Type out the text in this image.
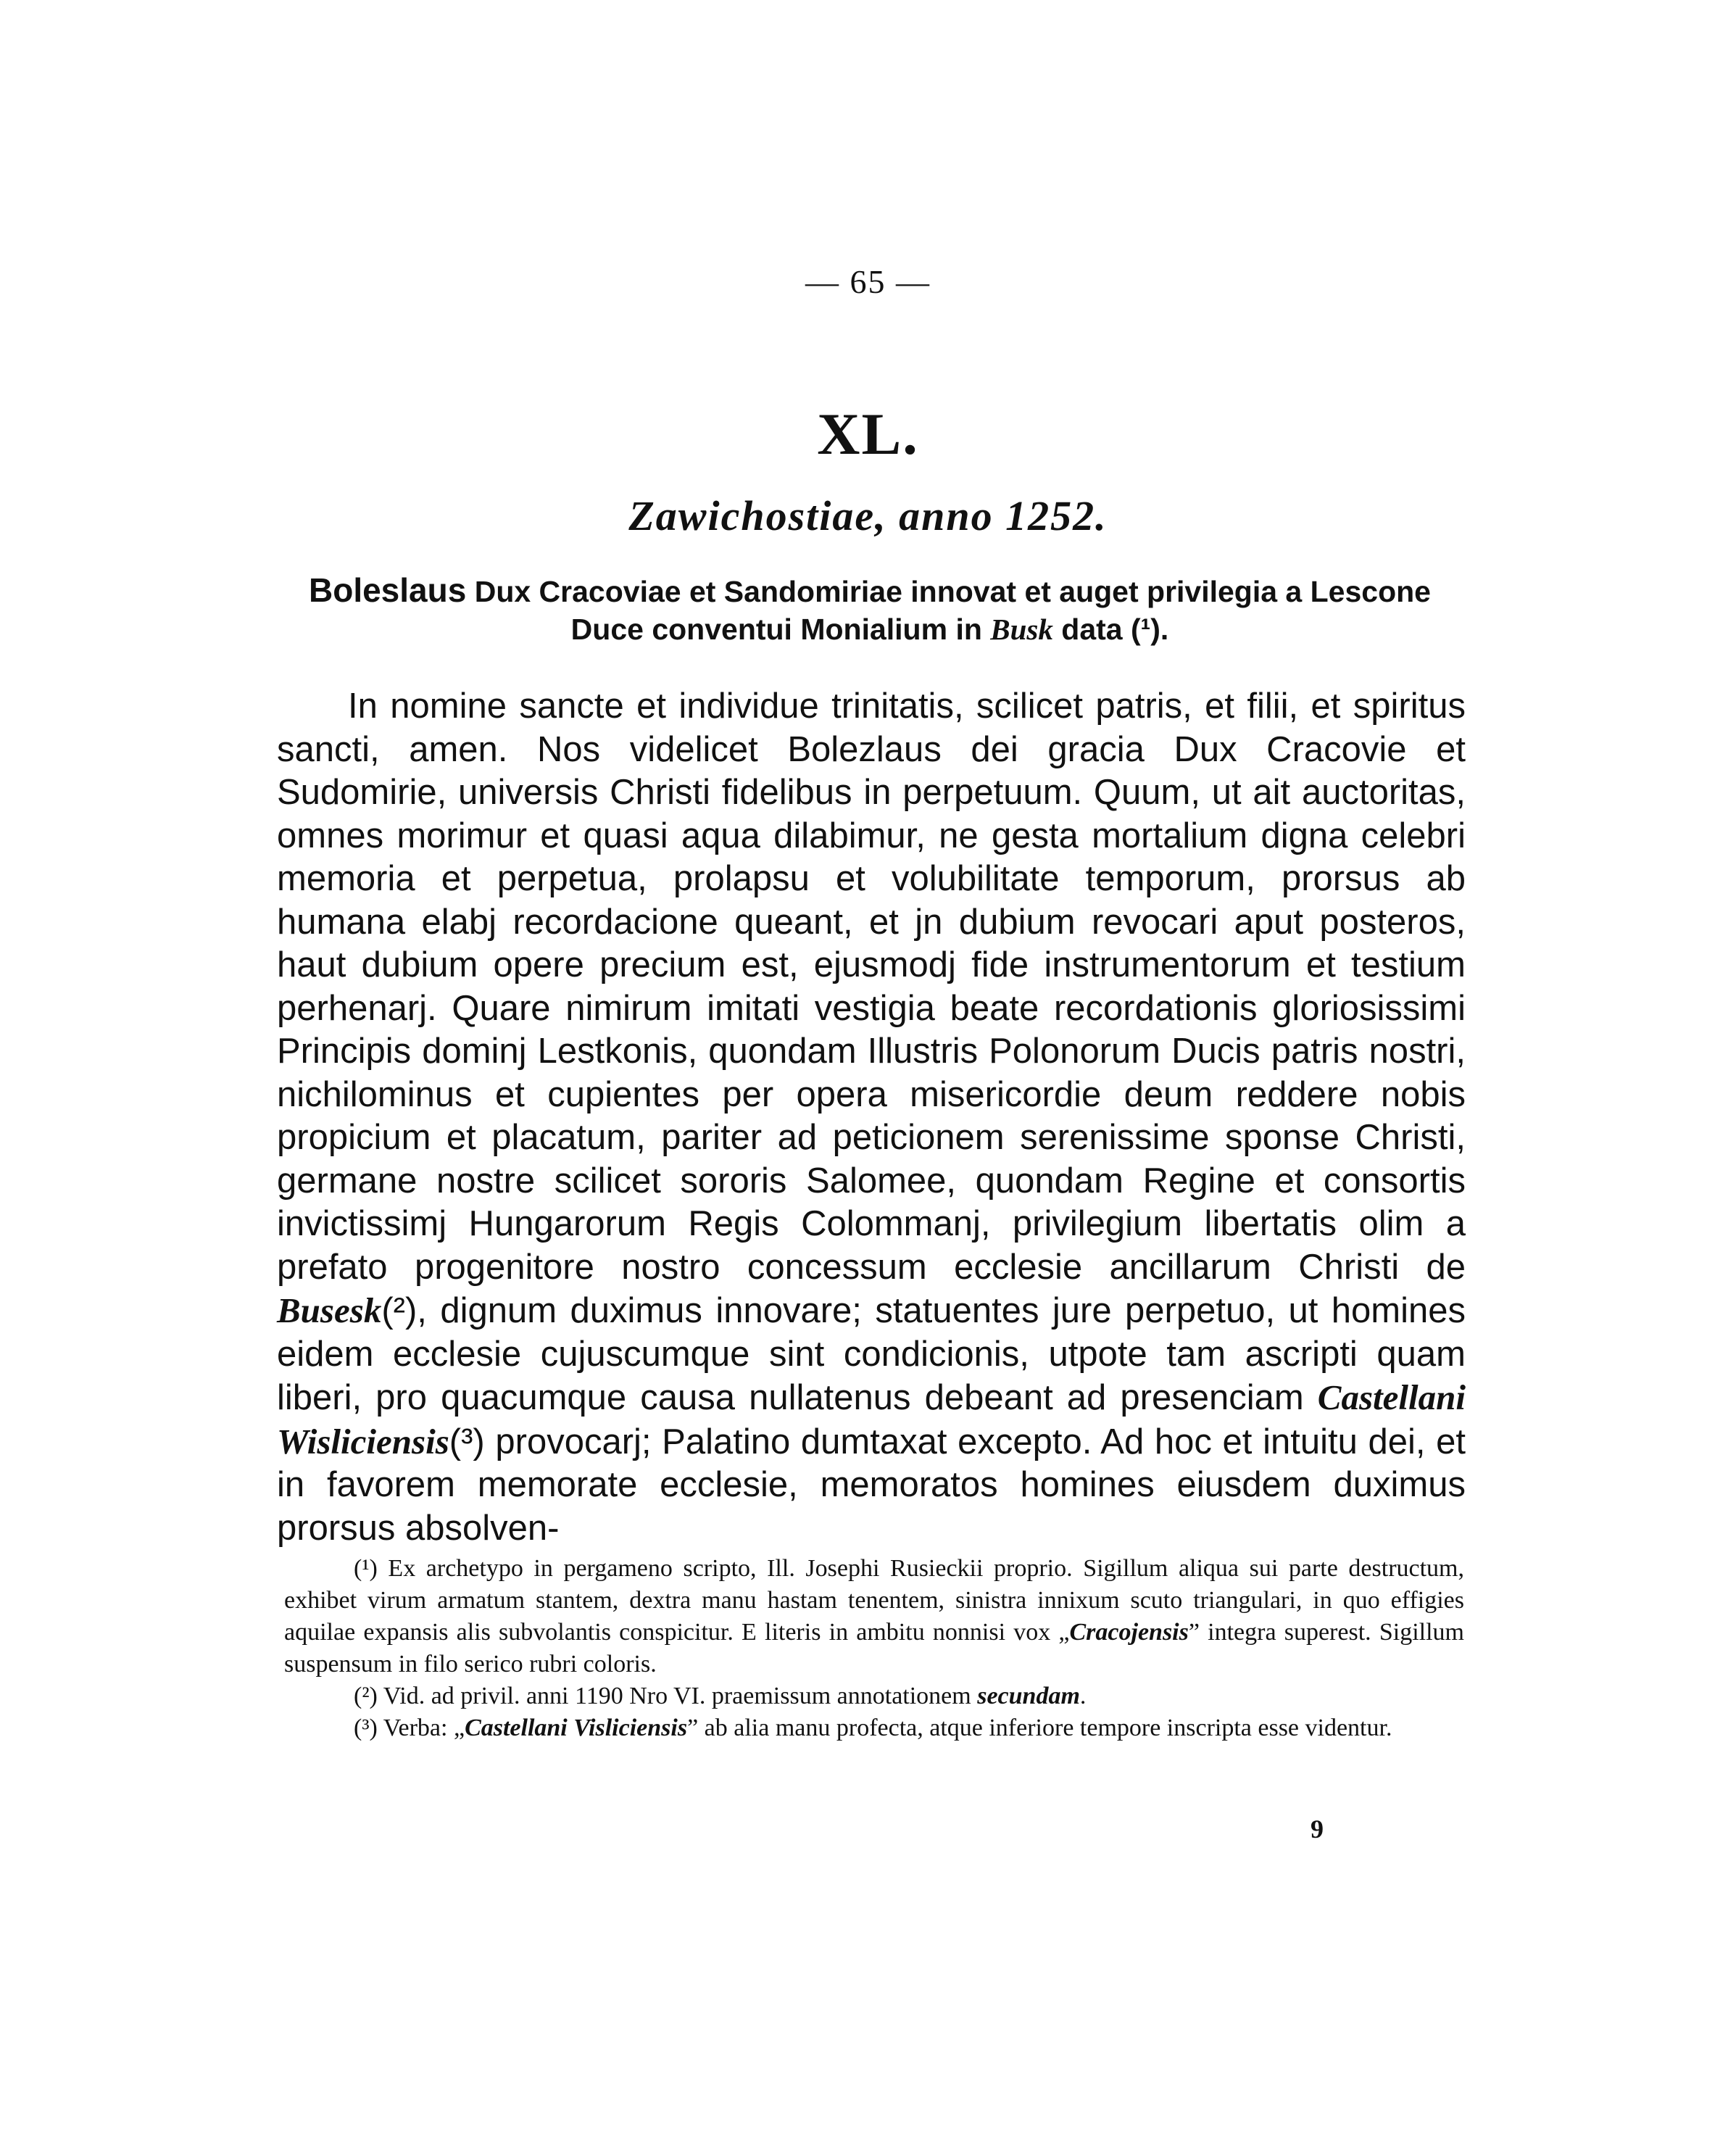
— 65 —
XL.
Zawichostiae, anno 1252.
Boleslaus Dux Cracoviae et Sandomiriae innovat et auget privilegia a Lescone Duce conventui Monialium in Busk data (¹).

In nomine sancte et individue trinitatis, scilicet patris, et filii, et spiritus sancti, amen. Nos videlicet Bolezlaus dei gracia Dux Cracovie et Sudomirie, universis Christi fidelibus in perpetuum. Quum, ut ait auctoritas, omnes morimur et quasi aqua dilabimur, ne gesta mortalium digna celebri memoria et perpetua, prolapsu et volubilitate temporum, prorsus ab humana elabj recordacione queant, et jn dubium revocari aput posteros, haut dubium opere precium est, ejusmodj fide instrumentorum et testium perhenarj. Quare nimirum imitati vestigia beate recordationis gloriosissimi Principis dominj Lestkonis, quondam Illustris Polonorum Ducis patris nostri, nichilominus et cupientes per opera misericordie deum reddere nobis propicium et placatum, pariter ad peticionem serenissime sponse Christi, germane nostre scilicet sororis Salomee, quondam Regine et consortis invictissimj Hungarorum Regis Colommanj, privilegium libertatis olim a prefato progenitore nostro concessum ecclesie ancillarum Christi de Busesk(²), dignum duximus innovare; statuentes jure perpetuo, ut homines eidem ecclesie cujuscumque sint condicionis, utpote tam ascripti quam liberi, pro quacumque causa nullatenus debeant ad presenciam Castellani Wisliciensis(³) provocarj; Palatino dumtaxat excepto. Ad hoc et intuitu dei, et in favorem memorate ecclesie, memoratos homines eiusdem duximus prorsus absolven-

(¹) Ex archetypo in pergameno scripto, Ill. Josephi Rusieckii proprio. Sigillum aliqua sui parte destructum, exhibet virum armatum stantem, dextra manu hastam tenentem, sinistra innixum scuto triangulari, in quo effigies aquilae expansis alis subvolantis conspicitur. E literis in ambitu nonnisi vox „Cracojensis” integra superest. Sigillum suspensum in filo serico rubri coloris.

(²) Vid. ad privil. anni 1190 Nro VI. praemissum annotationem secundam.

(³) Verba: „Castellani Visliciensis” ab alia manu profecta, atque inferiore tempore inscripta esse videntur.

9
